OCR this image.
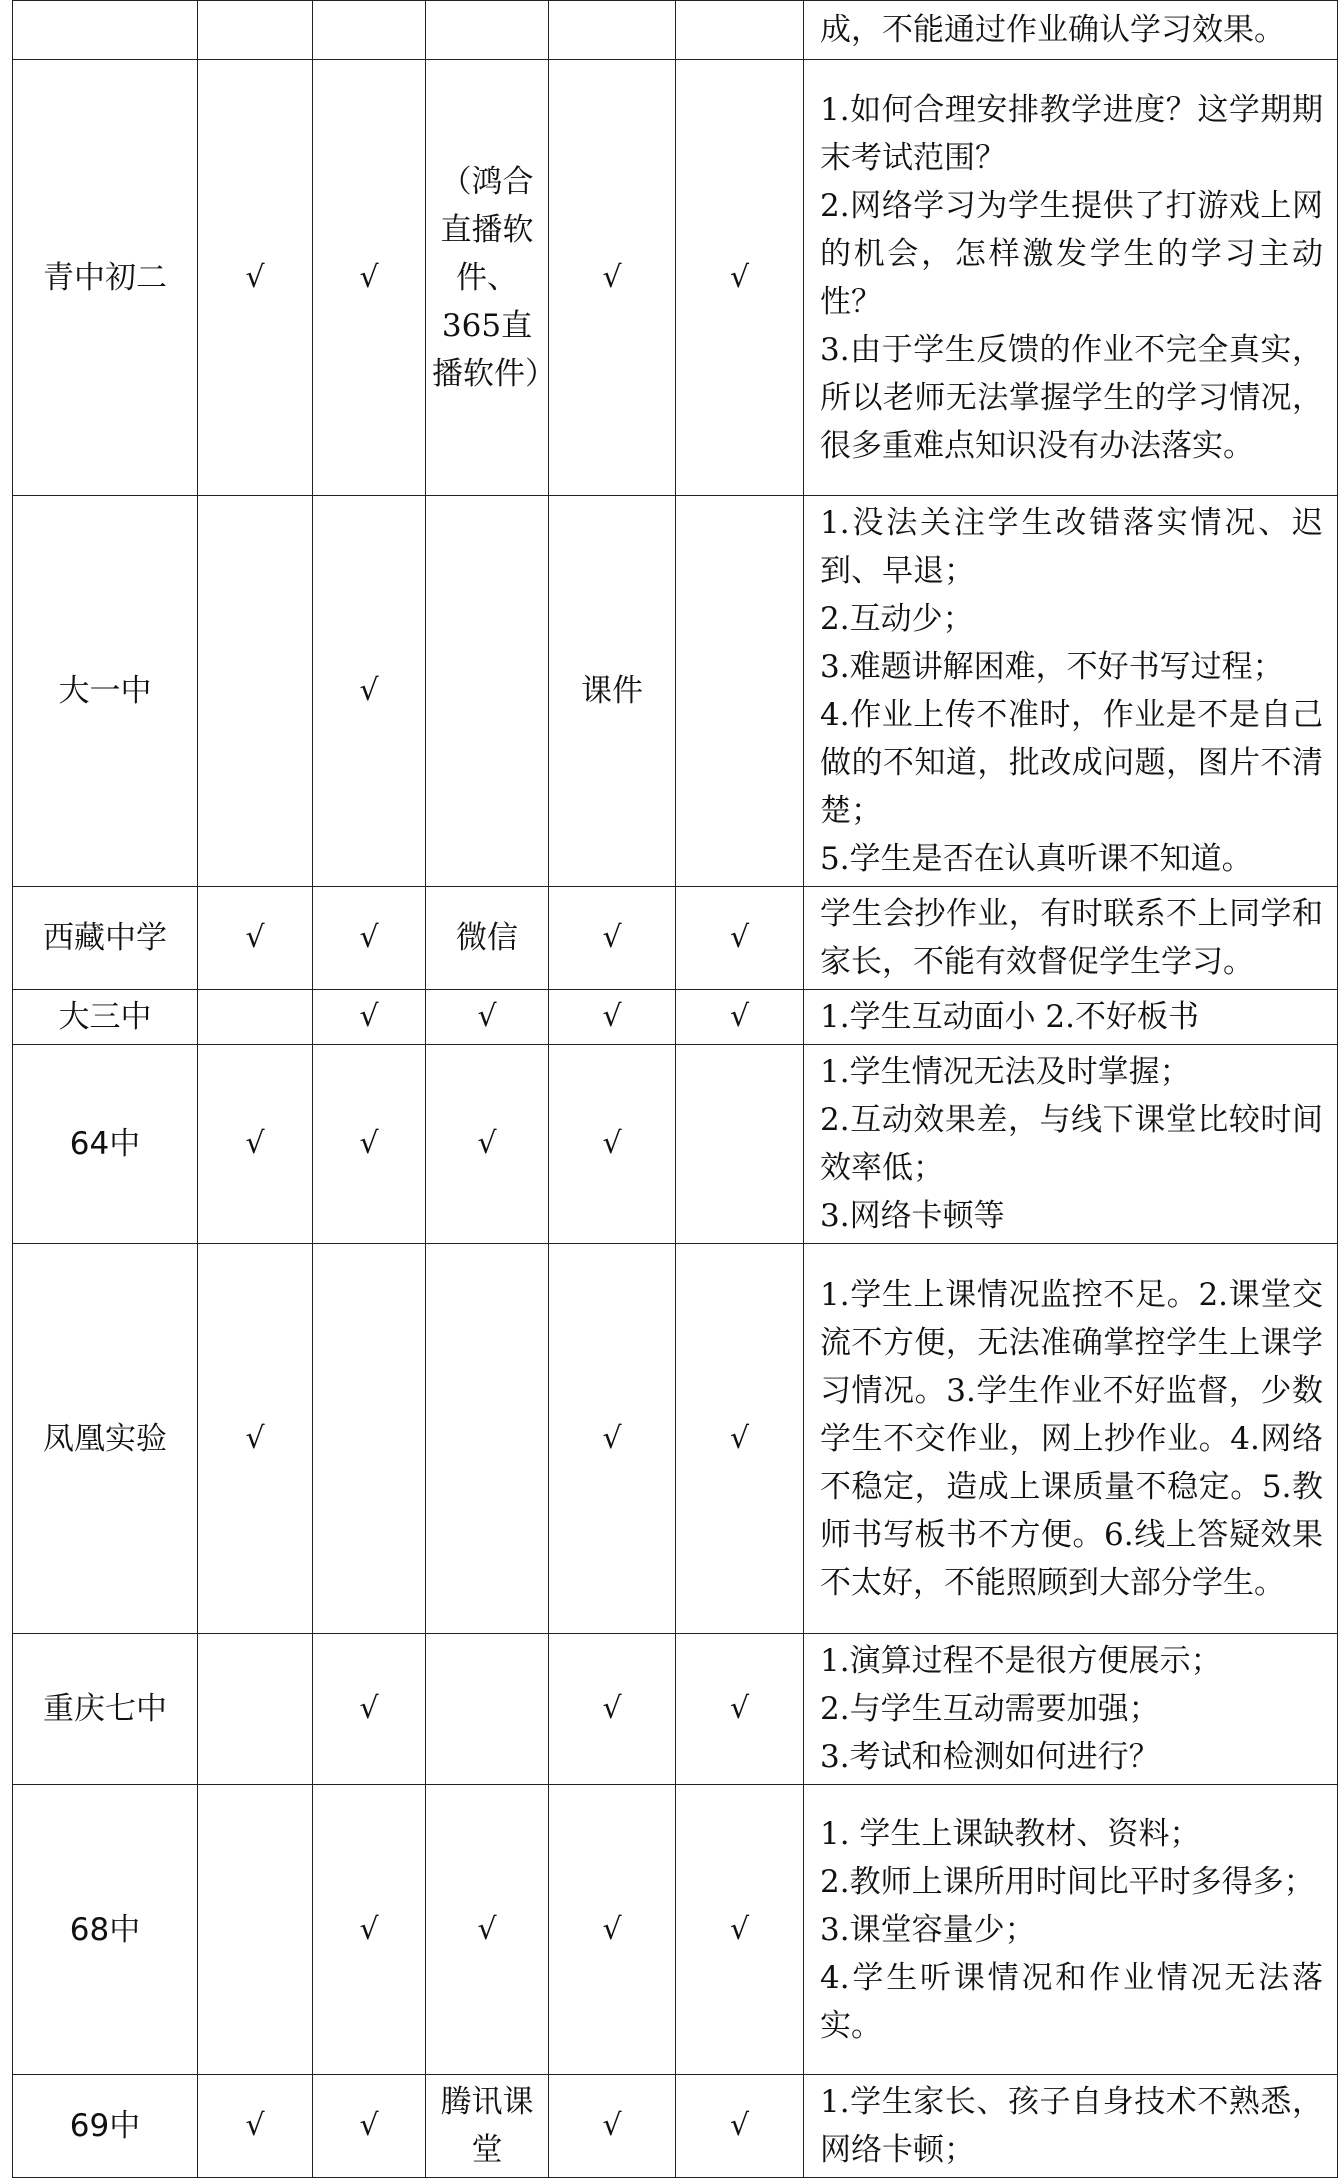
						成，不能通过作业确认学习效果。

青中初二	√	√	（鸿合直播软件、365直播软件）	√	√	1.如何合理安排教学进度？这学期期末考试范围？
2.网络学习为学生提供了打游戏上网的机会，怎样激发学生的学习主动性？
3.由于学生反馈的作业不完全真实，所以老师无法掌握学生的学习情况，很多重难点知识没有办法落实。

大一中		√		课件		1.没法关注学生改错落实情况、迟到、早退；
2.互动少；
3.难题讲解困难，不好书写过程；
4.作业上传不准时，作业是不是自己做的不知道，批改成问题，图片不清楚；
5.学生是否在认真听课不知道。

西藏中学	√	√	微信	√	√	学生会抄作业，有时联系不上同学和家长，不能有效督促学生学习。

大三中		√	√	√	√	1.学生互动面小 2.不好板书

64中	√	√	√	√		1.学生情况无法及时掌握；
2.互动效果差，与线下课堂比较时间效率低；
3.网络卡顿等

凤凰实验	√			√	√	1.学生上课情况监控不足。2.课堂交流不方便，无法准确掌控学生上课学习情况。3.学生作业不好监督，少数学生不交作业，网上抄作业。4.网络不稳定，造成上课质量不稳定。5.教师书写板书不方便。6.线上答疑效果不太好，不能照顾到大部分学生。

重庆七中		√		√	√	1.演算过程不是很方便展示；
2.与学生互动需要加强；
3.考试和检测如何进行？

68中		√	√	√	√	1. 学生上课缺教材、资料；
2.教师上课所用时间比平时多得多；
3.课堂容量少；
4.学生听课情况和作业情况无法落实。

69中	√	√	腾讯课堂	√	√	1.学生家长、孩子自身技术不熟悉，网络卡顿；
